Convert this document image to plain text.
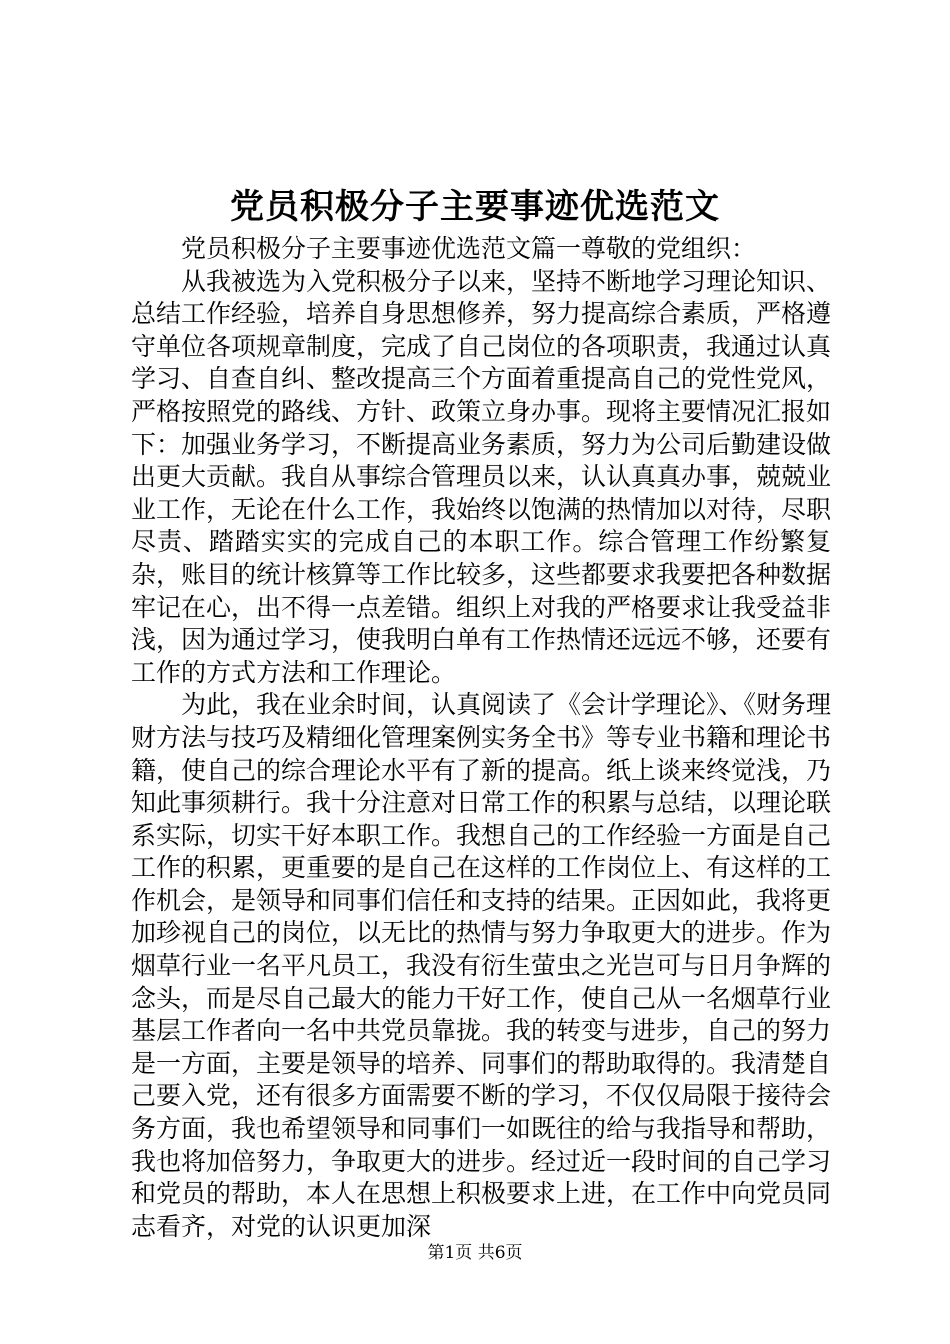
党员积极分子主要事迹优选范文

党员积极分子主要事迹优选范文篇一尊敬的党组织：

从我被选为入党积极分子以来，坚持不断地学习理论知识、总结工作经验，培养自身思想修养，努力提高综合素质，严格遵守单位各项规章制度，完成了自己岗位的各项职责，我通过认真学习、自查自纠、整改提高三个方面着重提高自己的党性党风，严格按照党的路线、方针、政策立身办事。现将主要情况汇报如下：加强业务学习，不断提高业务素质，努力为公司后勤建设做出更大贡献。我自从事综合管理员以来，认认真真办事，兢兢业业工作，无论在什么工作，我始终以饱满的热情加以对待，尽职尽责、踏踏实实的完成自己的本职工作。综合管理工作纷繁复杂，账目的统计核算等工作比较多，这些都要求我要把各种数据牢记在心，出不得一点差错。组织上对我的严格要求让我受益非浅，因为通过学习，使我明白单有工作热情还远远不够，还要有工作的方式方法和工作理论。

为此，我在业余时间，认真阅读了《会计学理论》、《财务理财方法与技巧及精细化管理案例实务全书》等专业书籍和理论书籍，使自己的综合理论水平有了新的提高。纸上谈来终觉浅，乃知此事须耕行。我十分注意对日常工作的积累与总结，以理论联系实际，切实干好本职工作。我想自己的工作经验一方面是自己工作的积累，更重要的是自己在这样的工作岗位上、有这样的工作机会，是领导和同事们信任和支持的结果。正因如此，我将更加珍视自己的岗位，以无比的热情与努力争取更大的进步。作为烟草行业一名平凡员工，我没有衍生萤虫之光岂可与日月争辉的念头，而是尽自己最大的能力干好工作，使自己从一名烟草行业基层工作者向一名中共党员靠拢。我的转变与进步，自己的努力是一方面，主要是领导的培养、同事们的帮助取得的。我清楚自己要入党，还有很多方面需要不断的学习，不仅仅局限于接待会务方面，我也希望领导和同事们一如既往的给与我指导和帮助，我也将加倍努力，争取更大的进步。经过近一段时间的自己学习和党员的帮助，本人在思想上积极要求上进，在工作中向党员同志看齐，对党的认识更加深

第1页 共6页
